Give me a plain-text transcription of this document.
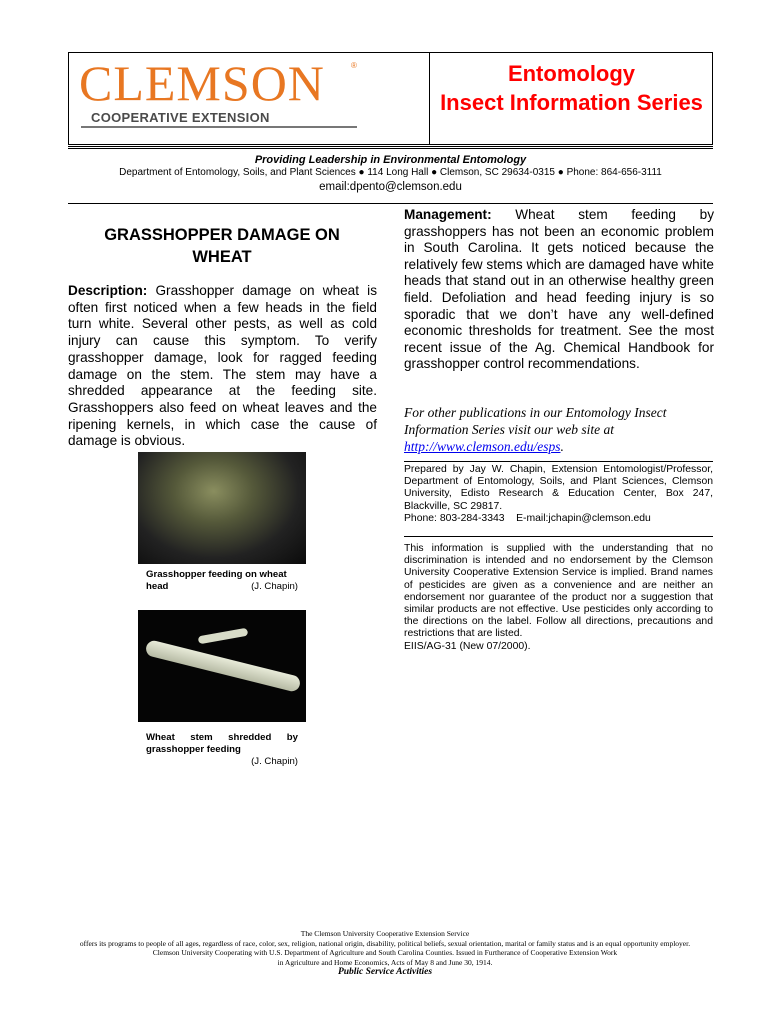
CLEMSON	®
COOPERATIVE EXTENSION
Entomology
Insect Information Series
Providing Leadership in Environmental Entomology
Department of Entomology, Soils, and Plant Sciences ● 114 Long Hall ● Clemson, SC 29634-0315 ● Phone: 864-656-3111
email:dpento@clemson.edu
GRASSHOPPER DAMAGE ON
WHEAT
Description: Grasshopper damage on wheat is often first noticed when a few heads in the field turn white. Several other pests, as well as cold injury can cause this symptom. To verify grasshopper damage, look for ragged feeding damage on the stem. The stem may have a shredded appearance at the feeding site. Grasshoppers also feed on wheat leaves and the ripening kernels, in which case the cause of damage is obvious.
Grasshopper feeding on wheat head	(J. Chapin)
Wheat stem shredded by grasshopper feeding
(J. Chapin)
Management: Wheat stem feeding by grasshoppers has not been an economic problem in South Carolina. It gets noticed because the relatively few stems which are damaged have white heads that stand out in an otherwise healthy green field. Defoliation and head feeding injury is so sporadic that we don’t have any well-defined economic thresholds for treatment. See the most recent issue of the Ag. Chemical Handbook for grasshopper control recommendations.
For other publications in our Entomology Insect Information Series visit our web site at http://www.clemson.edu/esps.
Prepared by Jay W. Chapin, Extension Entomologist/Professor, Department of Entomology, Soils, and Plant Sciences, Clemson University, Edisto Research & Education Center, Box 247, Blackville, SC 29817.
Phone: 803-284-3343 E-mail:jchapin@clemson.edu
This information is supplied with the understanding that no discrimination is intended and no endorsement by the Clemson University Cooperative Extension Service is implied. Brand names of pesticides are given as a convenience and are neither an endorsement nor guarantee of the product nor a suggestion that similar products are not effective. Use pesticides only according to the directions on the label. Follow all directions, precautions and restrictions that are listed.
EIIS/AG-31 (New 07/2000).
The Clemson University Cooperative Extension Service
offers its programs to people of all ages, regardless of race, color, sex, religion, national origin, disability, political beliefs, sexual orientation, marital or family status and is an equal opportunity employer.
Clemson University Cooperating with U.S. Department of Agriculture and South Carolina Counties. Issued in Furtherance of Cooperative Extension Work
in Agriculture and Home Economics, Acts of May 8 and June 30, 1914.
Public Service Activities
